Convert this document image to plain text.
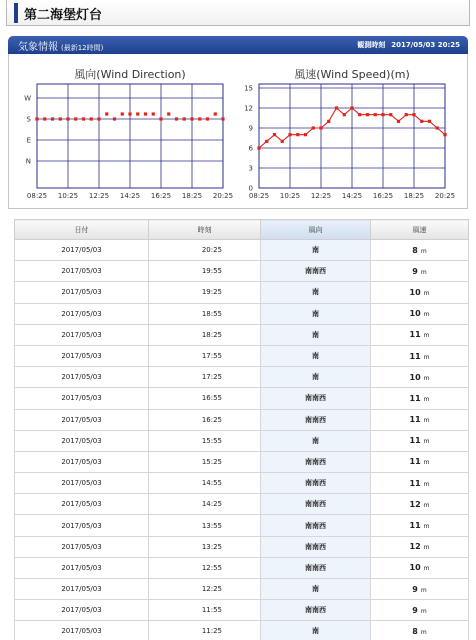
第二海堡灯台
気象情報 (最新12時間)	観測時刻 2017/05/03 20:25
風向(Wind Direction)
08:25 10:25 12:25 14:25 16:25 18:25 20:25
W
S
E
N
風速(Wind Speed)(m)
08:25 10:25 12:25 14:25 16:25 18:25 20:25
0
3
6
9
12
15
日付	時刻	風向	風速
2017/05/03	20:25	南	8 m
2017/05/03	19:55	南南西	9 m
2017/05/03	19:25	南	10 m
2017/05/03	18:55	南	10 m
2017/05/03	18:25	南	11 m
2017/05/03	17:55	南	11 m
2017/05/03	17:25	南	10 m
2017/05/03	16:55	南南西	11 m
2017/05/03	16:25	南南西	11 m
2017/05/03	15:55	南	11 m
2017/05/03	15:25	南南西	11 m
2017/05/03	14:55	南南西	11 m
2017/05/03	14:25	南南西	12 m
2017/05/03	13:55	南南西	11 m
2017/05/03	13:25	南南西	12 m
2017/05/03	12:55	南南西	10 m
2017/05/03	12:25	南	9 m
2017/05/03	11:55	南南西	9 m
2017/05/03	11:25	南	8 m
